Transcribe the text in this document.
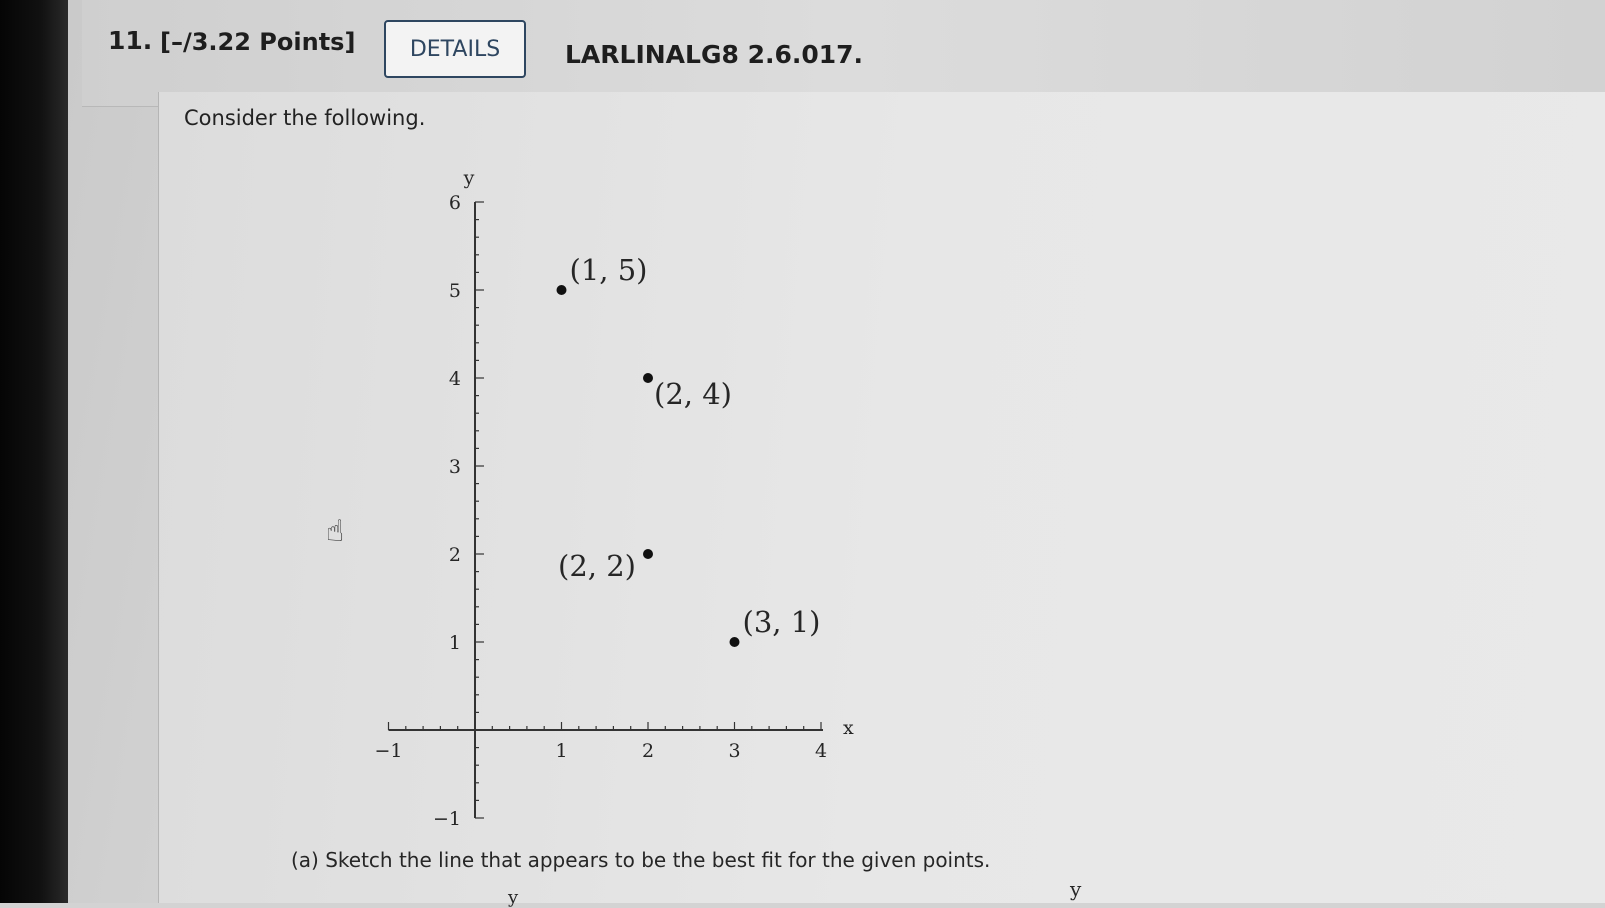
11. [–/3.22 Points]	DETAILS	LARLINALG8 2.6.017.
Consider the following.
−1	1	2	3	4
−1
1
2
3
4
5
6
x
y
(1, 5)
(2, 4)
(2, 2)
(3, 1)
☝
(a) Sketch the line that appears to be the best fit for the given points.
y
y
